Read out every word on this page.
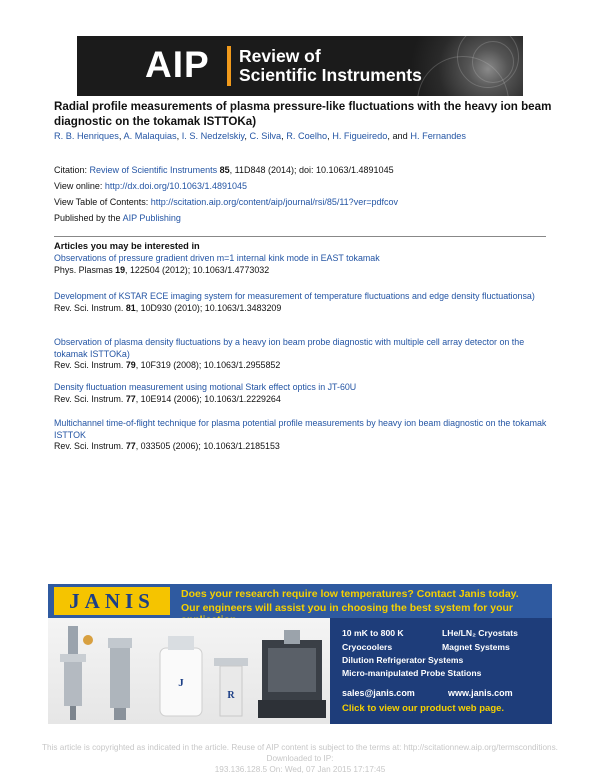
AIP Review of
Scientific Instruments
Radial profile measurements of plasma pressure-like fluctuations with the heavy ion beam diagnostic on the tokamak ISTTOKa)
R. B. Henriques, A. Malaquias, I. S. Nedzelskiy, C. Silva, R. Coelho, H. Figueiredo, and H. Fernandes
Citation: Review of Scientific Instruments 85, 11D848 (2014); doi: 10.1063/1.4891045
View online: http://dx.doi.org/10.1063/1.4891045
View Table of Contents: http://scitation.aip.org/content/aip/journal/rsi/85/11?ver=pdfcov
Published by the AIP Publishing
Articles you may be interested in
Observations of pressure gradient driven m=1 internal kink mode in EAST tokamak
Phys. Plasmas 19, 122504 (2012); 10.1063/1.4773032
Development of KSTAR ECE imaging system for measurement of temperature fluctuations and edge density fluctuationsa)
Rev. Sci. Instrum. 81, 10D930 (2010); 10.1063/1.3483209
Observation of plasma density fluctuations by a heavy ion beam probe diagnostic with multiple cell array detector on the tokamak ISTTOKa)
Rev. Sci. Instrum. 79, 10F319 (2008); 10.1063/1.2955852
Density fluctuation measurement using motional Stark effect optics in JT-60U
Rev. Sci. Instrum. 77, 10E914 (2006); 10.1063/1.2229264
Multichannel time-of-flight technique for plasma potential profile measurements by heavy ion beam diagnostic on the tokamak ISTTOK
Rev. Sci. Instrum. 77, 033505 (2006); 10.1063/1.2185153
JANIS	Does your research require low temperatures? Contact Janis today.
Our engineers will assist you in choosing the best system for your
J
R
10 mK to 800 K	LHe/LN₂ Cryostats
Cryocoolers	Magnet Systems
Dilution Refrigerator Systems
Micro-manipulated Probe Stations
sales@janis.com	www.janis.com
Click to view our product web page.
This article is copyrighted as indicated in the article. Reuse of AIP content is subject to the terms at: http://scitationnew.aip.org/termsconditions. Downloaded to IP:
193.136.128.5 On: Wed, 07 Jan 2015 17:17:45
